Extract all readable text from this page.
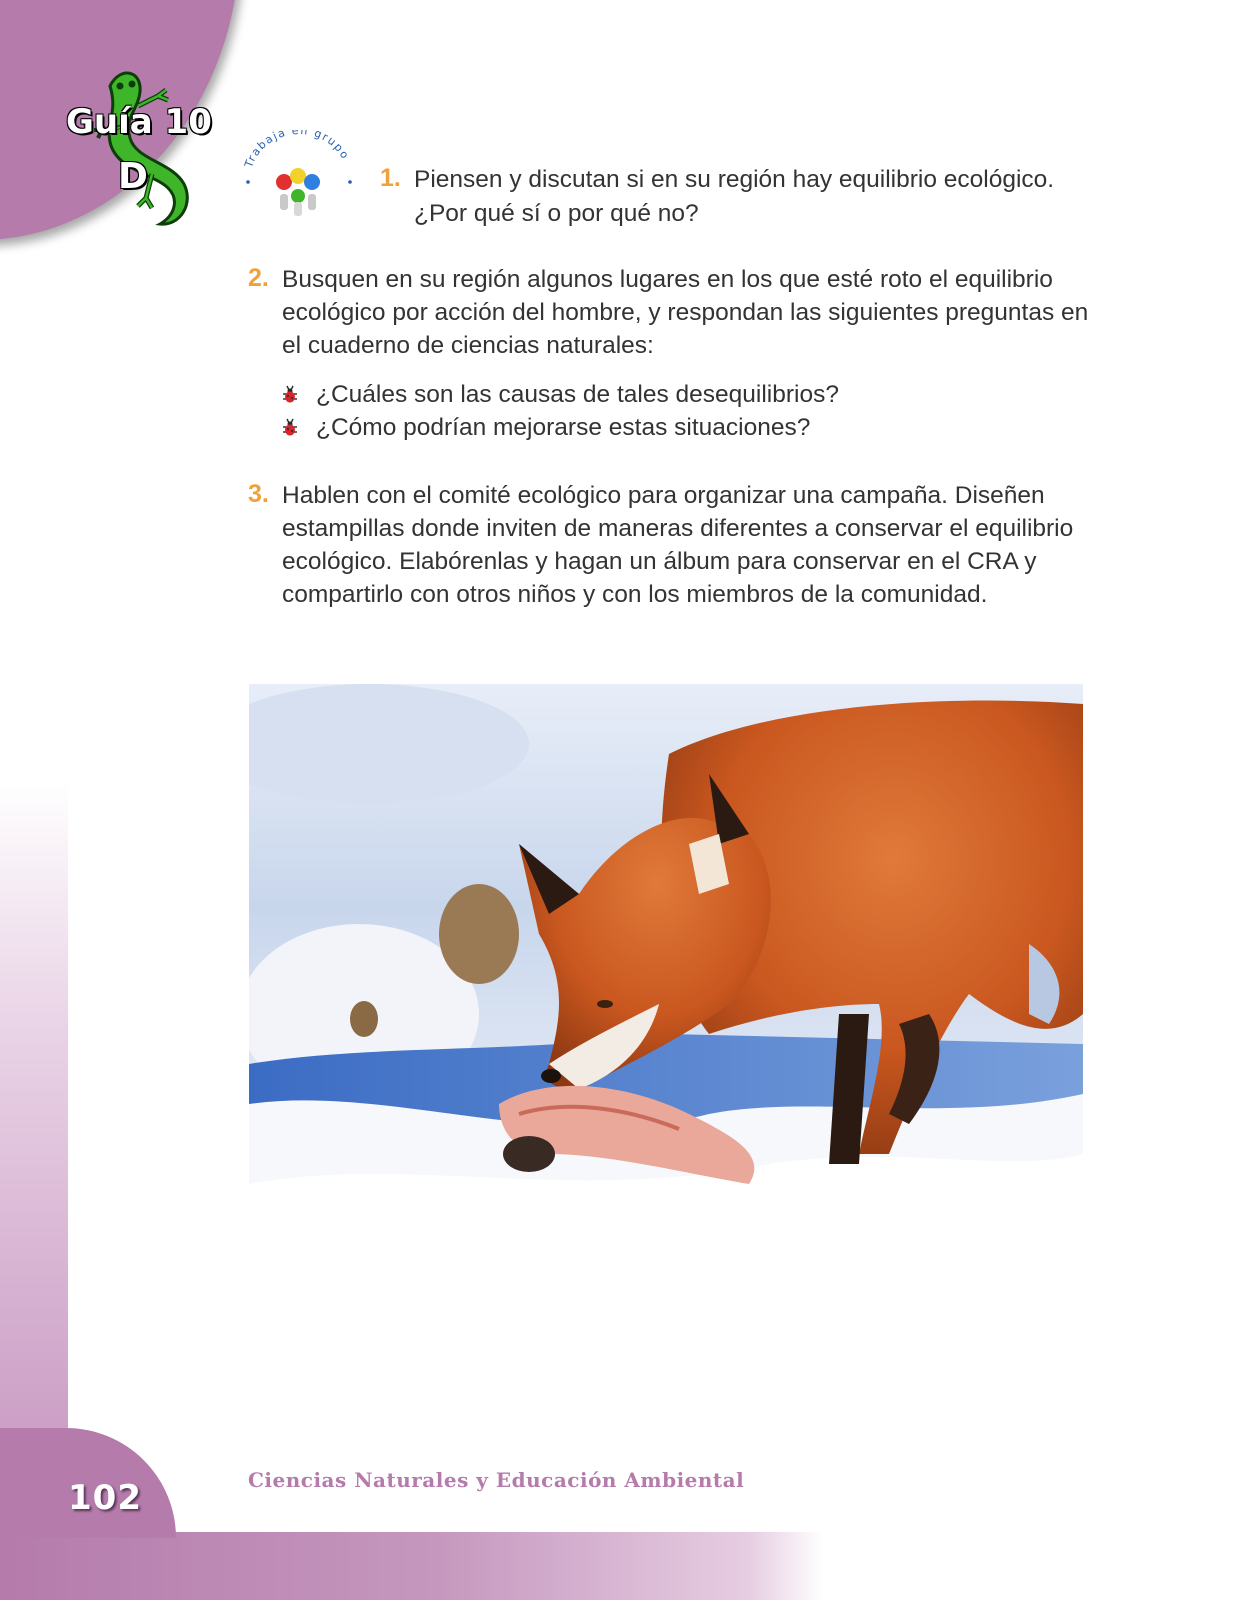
102	Ciencias Naturales y Educación Ambiental
Guía 10
D	Trabaja en grupo
1. Piensen y discutan si en su región hay equilibrio ecológico.
¿Por qué sí o por qué no?
2. Busquen en su región algunos lugares en los que esté roto el equilibrio
ecológico por acción del hombre, y respondan las siguientes preguntas en
el cuaderno de ciencias naturales:
¿Cuáles son las causas de tales desequilibrios?
¿Cómo podrían mejorarse estas situaciones?
3. Hablen con el comité ecológico para organizar una campaña. Diseñen
estampillas donde inviten de maneras diferentes a conservar el equilibrio
ecológico. Elabórenlas y hagan un álbum para conservar en el CRA y
compartirlo con otros niños y con los miembros de la comunidad.
